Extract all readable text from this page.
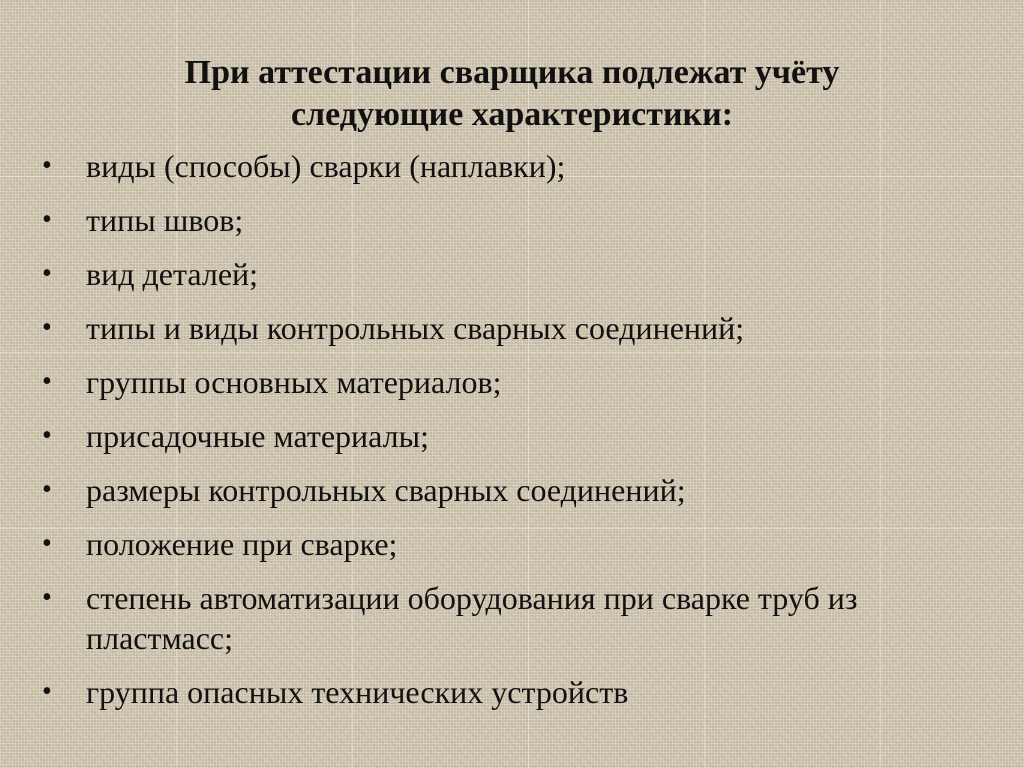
При аттестации сварщика подлежат учёту
следующие характеристики:
• виды (способы) сварки (наплавки);
• типы швов;
• вид деталей;
• типы и виды контрольных сварных соединений;
• группы основных материалов;
• присадочные материалы;
• размеры контрольных сварных соединений;
• положение при сварке;
• степень автоматизации оборудования при сварке труб из пластмасс;
• группа опасных технических устройств
